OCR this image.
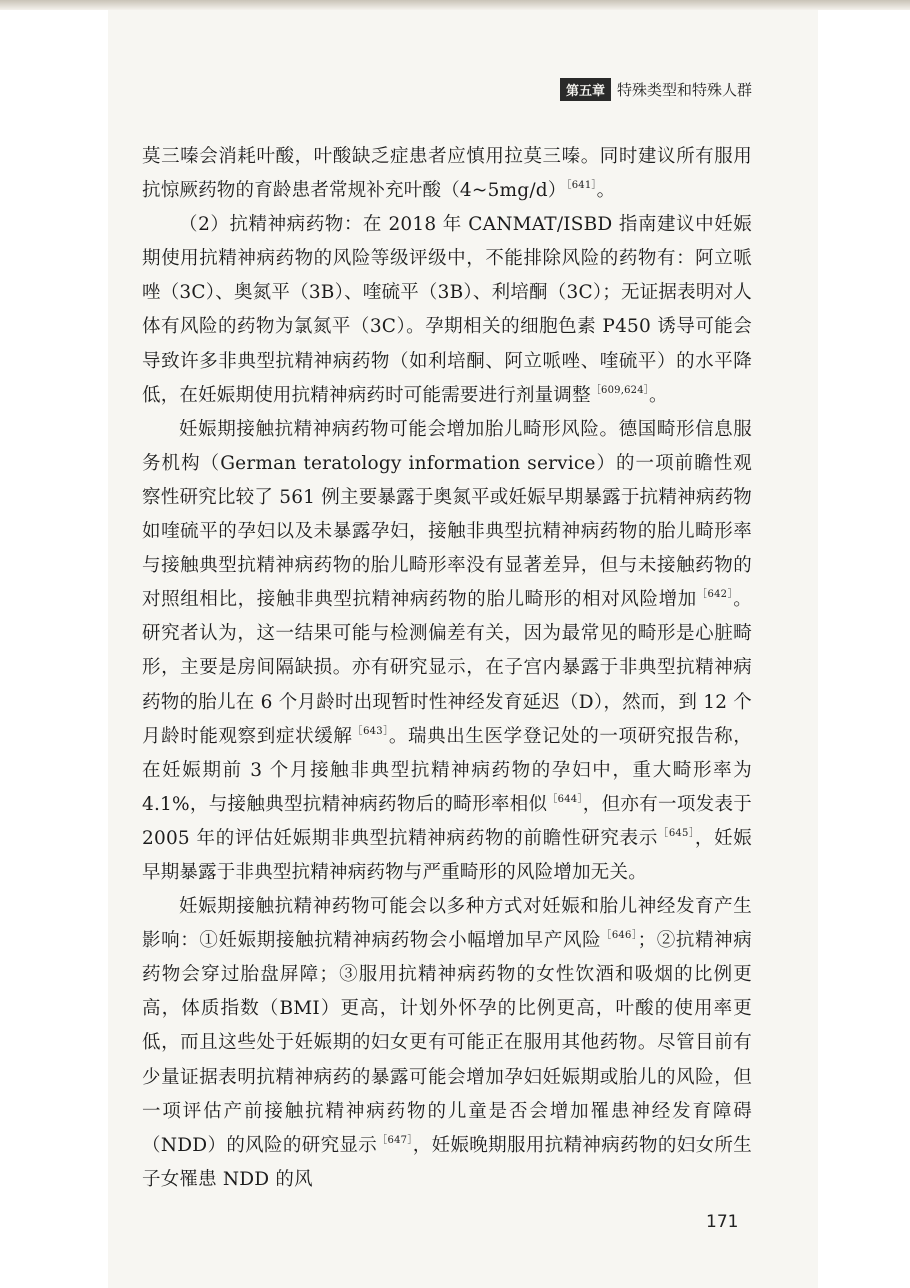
第五章 特殊类型和特殊人群

莫三嗪会消耗叶酸，叶酸缺乏症患者应慎用拉莫三嗪。同时建议所有服用抗惊厥药物的育龄患者常规补充叶酸（4~5mg/d）$^{[641]}$。

（2）抗精神病药物：在 2018 年 CANMAT/ISBD 指南建议中妊娠期使用抗精神病药物的风险等级评级中，不能排除风险的药物有：阿立哌唑（3C）、奥氮平（3B）、喹硫平（3B）、利培酮（3C）；无证据表明对人体有风险的药物为氯氮平（3C）。孕期相关的细胞色素 P450 诱导可能会导致许多非典型抗精神病药物（如利培酮、阿立哌唑、喹硫平）的水平降低，在妊娠期使用抗精神病药时可能需要进行剂量调整$^{[609,624]}$。

妊娠期接触抗精神病药物可能会增加胎儿畸形风险。德国畸形信息服务机构（German teratology information service）的一项前瞻性观察性研究比较了 561 例主要暴露于奥氮平或妊娠早期暴露于抗精神病药物如喹硫平的孕妇以及未暴露孕妇，接触非典型抗精神病药物的胎儿畸形率与接触典型抗精神病药物的胎儿畸形率没有显著差异，但与未接触药物的对照组相比，接触非典型抗精神病药物的胎儿畸形的相对风险增加$^{[642]}$。研究者认为，这一结果可能与检测偏差有关，因为最常见的畸形是心脏畸形，主要是房间隔缺损。亦有研究显示，在子宫内暴露于非典型抗精神病药物的胎儿在 6 个月龄时出现暂时性神经发育延迟（D），然而，到 12 个月龄时能观察到症状缓解$^{[643]}$。瑞典出生医学登记处的一项研究报告称，在妊娠期前 3 个月接触非典型抗精神病药物的孕妇中，重大畸形率为 4.1%，与接触典型抗精神病药物后的畸形率相似$^{[644]}$，但亦有一项发表于 2005 年的评估妊娠期非典型抗精神病药物的前瞻性研究表示$^{[645]}$，妊娠早期暴露于非典型抗精神病药物与严重畸形的风险增加无关。

妊娠期接触抗精神药物可能会以多种方式对妊娠和胎儿神经发育产生影响：①妊娠期接触抗精神病药物会小幅增加早产风险$^{[646]}$；②抗精神病药物会穿过胎盘屏障；③服用抗精神病药物的女性饮酒和吸烟的比例更高，体质指数（BMI）更高，计划外怀孕的比例更高，叶酸的使用率更低，而且这些处于妊娠期的妇女更有可能正在服用其他药物。尽管目前有少量证据表明抗精神病药的暴露可能会增加孕妇妊娠期或胎儿的风险，但一项评估产前接触抗精神病药物的儿童是否会增加罹患神经发育障碍（NDD）的风险的研究显示$^{[647]}$，妊娠晚期服用抗精神病药物的妇女所生子女罹患 NDD 的风

171
